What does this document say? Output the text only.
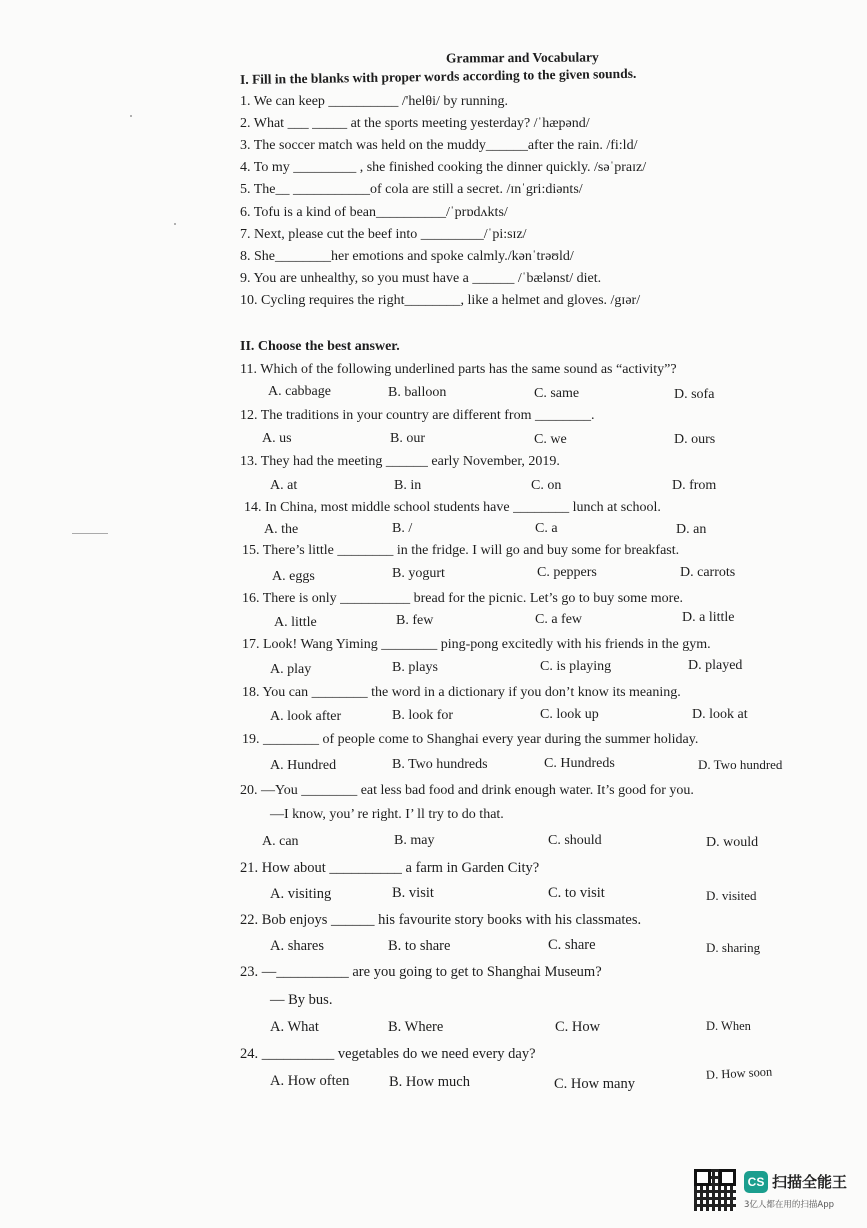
Grammar and Vocabulary
I. Fill in the blanks with proper words according to the given sounds.
1. We can keep __________ /'helθi/ by running.
2. What ___ _____ at the sports meeting yesterday? /ˈhæpənd/
3. The soccer match was held on the muddy______after the rain. /fi:ld/
4. To my _________ , she finished cooking the dinner quickly. /səˈpraɪz/
5. The__ ___________of cola are still a secret. /ɪnˈgri:diənts/
6. Tofu is a kind of bean__________/ˈprɒdʌkts/
7. Next, please cut the beef into _________/ˈpi:sɪz/
8. She________her emotions and spoke calmly./kənˈtrəʊld/
9. You are unhealthy, so you must have a ______ /ˈbælənst/ diet.
10. Cycling requires the right________, like a helmet and gloves. /gɪər/
II. Choose the best answer.
11. Which of the following underlined parts has the same sound as “activity”?
A. cabbage	B. balloon	C. same	D. sofa
12. The traditions in your country are different from ________.
A. us	B. our	C. we	D. ours
13. They had the meeting ______ early November, 2019.
A. at	B. in	C. on	D. from
14. In China, most middle school students have ________ lunch at school.
A. the	B. /	C. a	D. an
15. There’s little ________ in the fridge. I will go and buy some for breakfast.
A. eggs	B. yogurt	C. peppers	D. carrots
16. There is only __________ bread for the picnic. Let’s go to buy some more.
A. little	B. few	C. a few	D. a little
17. Look! Wang Yiming ________ ping-pong excitedly with his friends in the gym.
A. play	B. plays	C. is playing	D. played
18. You can ________ the word in a dictionary if you don’t know its meaning.
A. look after	B. look for	C. look up	D. look at
19. ________ of people come to Shanghai every year during the summer holiday.
A. Hundred	B. Two hundreds	C. Hundreds	D. Two hundred
20. —You ________ eat less bad food and drink enough water. It’s good for you.
—I know, you’ re right. I’ ll try to do that.
A. can	B. may	C. should	D. would
21. How about __________ a farm in Garden City?
A. visiting	B. visit	C. to visit	D. visited
22. Bob enjoys ______ his favourite story books with his classmates.
A. shares	B. to share	C. share	D. sharing
23. —__________ are you going to get to Shanghai Museum?
— By bus.
A. What	B. Where	C. How	D. When
24. __________ vegetables do we need every day?
A. How often	B. How much	C. How many
D. How soon
CS 扫描全能王
3亿人都在用的扫描App
